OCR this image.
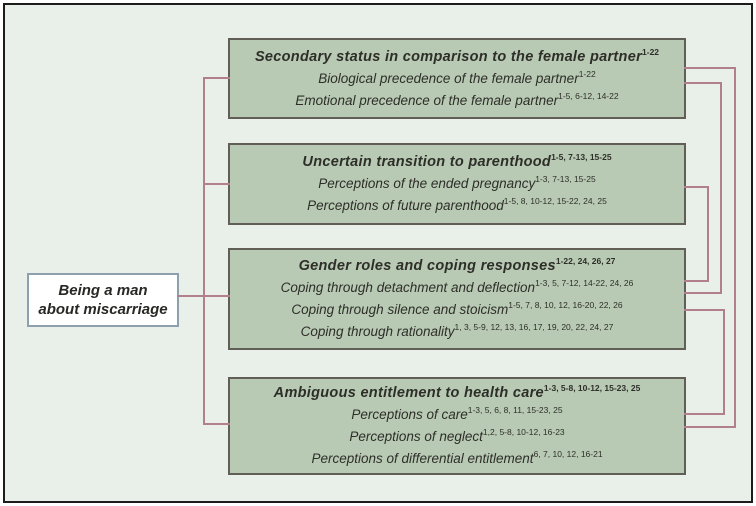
Being a man
about miscarriage
Secondary status in comparison to the female partner$^{1-22}$
Biological precedence of the female partner$^{1-22}$
Emotional precedence of the female partner$^{1-5, 6-12, 14-22}$
Uncertain transition to parenthood$^{1-5, 7-13, 15-25}$
Perceptions of the ended pregnancy$^{1-3, 7-13, 15-25}$
Perceptions of future parenthood$^{1-5, 8, 10-12, 15-22, 24, 25}$
Gender roles and coping responses$^{1-22, 24, 26, 27}$
Coping through detachment and deflection$^{1-3, 5, 7-12, 14-22, 24, 26}$
Coping through silence and stoicism$^{1-5, 7, 8, 10, 12, 16-20, 22, 26}$
Coping through rationality$^{1, 3, 5-9, 12, 13, 16, 17, 19, 20, 22, 24, 27}$
Ambiguous entitlement to health care$^{1-3, 5-8, 10-12, 15-23, 25}$
Perceptions of care$^{1-3, 5, 6, 8, 11, 15-23, 25}$
Perceptions of neglect$^{1,2, 5-8, 10-12, 16-23}$
Perceptions of differential entitlement$^{6, 7, 10, 12, 16-21}$
